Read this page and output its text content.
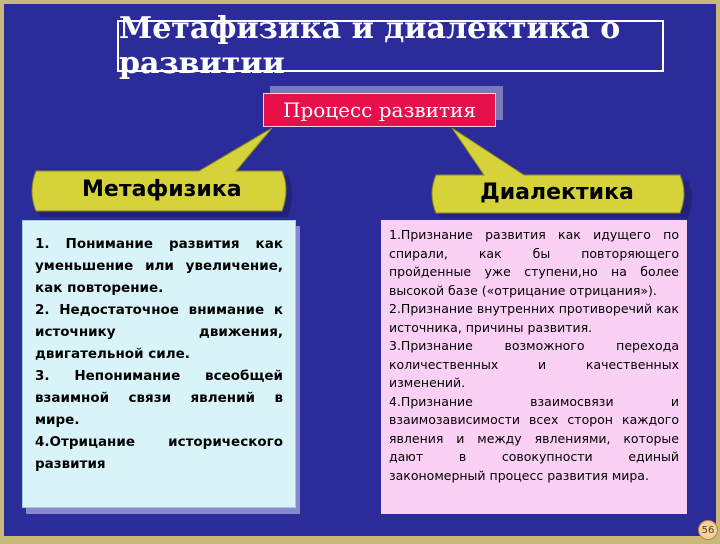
Метафизика и диалектика о развитии
Процесс развития
Метафизика	Диалектика

1. Понимание развития как уменьшение или увеличение, как повторение.

2. Недостаточное внимание к источнику движения, двигательной силе.

3. Непонимание всеобщей взаимной связи явлений в мире.

4.Отрицание исторического развития

1.Признание развития как идущего по спирали, как бы повторяющего пройденные уже ступени,но на более высокой базе («отрицание отрицания»).

2.Признание внутренних противоречий как источника, причины развития.

3.Признание возможного перехода количественных и качественных изменений.

4.Признание взаимосвязи и взаимозависимости всех сторон каждого явления и между явлениями, которые дают в совокупности единый закономерный процесс развития мира.

56
